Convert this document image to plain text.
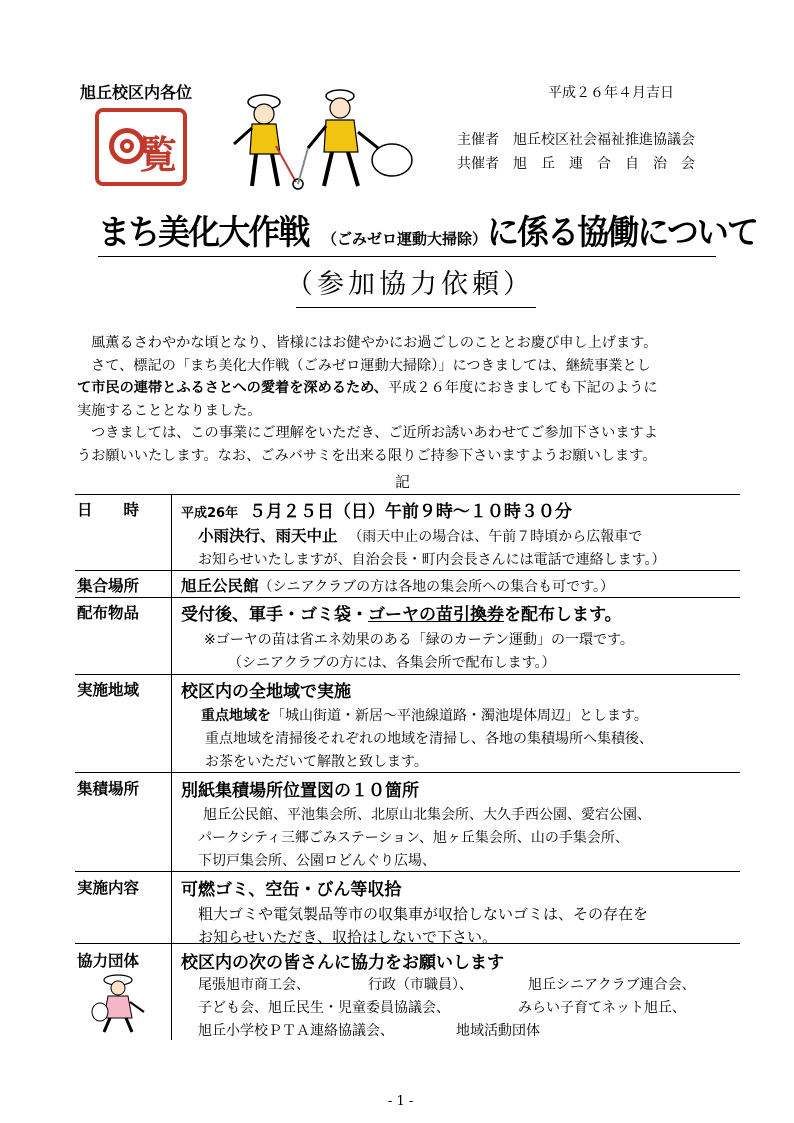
旭丘校区内各位	平成２６年４月吉日
覧	主催者　旭丘校区社会福祉推進協議会
共催者　旭　丘　連　合　自　治　会
まち美化大作戦 （ごみゼロ運動大掃除）に係る協働について
（参加協力依頼）

風薫るさわやかな頃となり、皆様にはお健やかにお過ごしのこととお慶び申し上げます。

さて、標記の「まち美化大作戦（ごみゼロ運動大掃除）」につきましては、継続事業とし

て市民の連帯とふるさとへの愛着を深めるため、平成２６年度におきましても下記のように

実施することとなりました。

つきましては、この事業にご理解をいただき、ご近所お誘いあわせてご参加下さいますよ

うお願いいたします。なお、ごみバサミを出来る限りご持参下さいますようお願いします。

記
日　　時	平成26年 ５月２５日（日）午前９時～１０時３０分
小雨決行、雨天中止 （雨天中止の場合は、午前７時頃から広報車で
お知らせいたしますが、自治会長・町内会長さんには電話で連絡します。）
集合場所	旭丘公民館（シニアクラブの方は各地の集会所への集合も可です。）
配布物品 受付後、軍手・ゴミ袋・ゴーヤの苗引換券を配布します。
※ゴーヤの苗は省エネ効果のある「緑のカーテン運動」の一環です。
（シニアクラブの方には、各集会所で配布します。）
実施地域 校区内の全地域で実施
重点地域を「城山街道・新居～平池線道路・濁池堤体周辺」とします。
重点地域を清掃後それぞれの地域を清掃し、各地の集積場所へ集積後、
お茶をいただいて解散と致します。
集積場所 別紙集積場所位置図の１０箇所
旭丘公民館、平池集会所、北原山北集会所、大久手西公園、愛宕公園、
パークシティ三郷ごみステーション、旭ヶ丘集会所、山の手集会所、
下切戸集会所、公園ロどんぐり広場、
実施内容 可燃ゴミ、空缶・びん等収拾
粗大ゴミや電気製品等市の収集車が収拾しないゴミは、その存在を
お知らせいただき、収拾はしないで下さい。
協力団体 校区内の次の皆さんに協力をお願いします
尾張旭市商工会、	行政（市職員）、	旭丘シニアクラブ連合会、
子ども会、旭丘民生・児童委員協議会、	みらい子育てネット旭丘、
旭丘小学校ＰＴＡ連絡協議会、	地域活動団体
- 1 -
